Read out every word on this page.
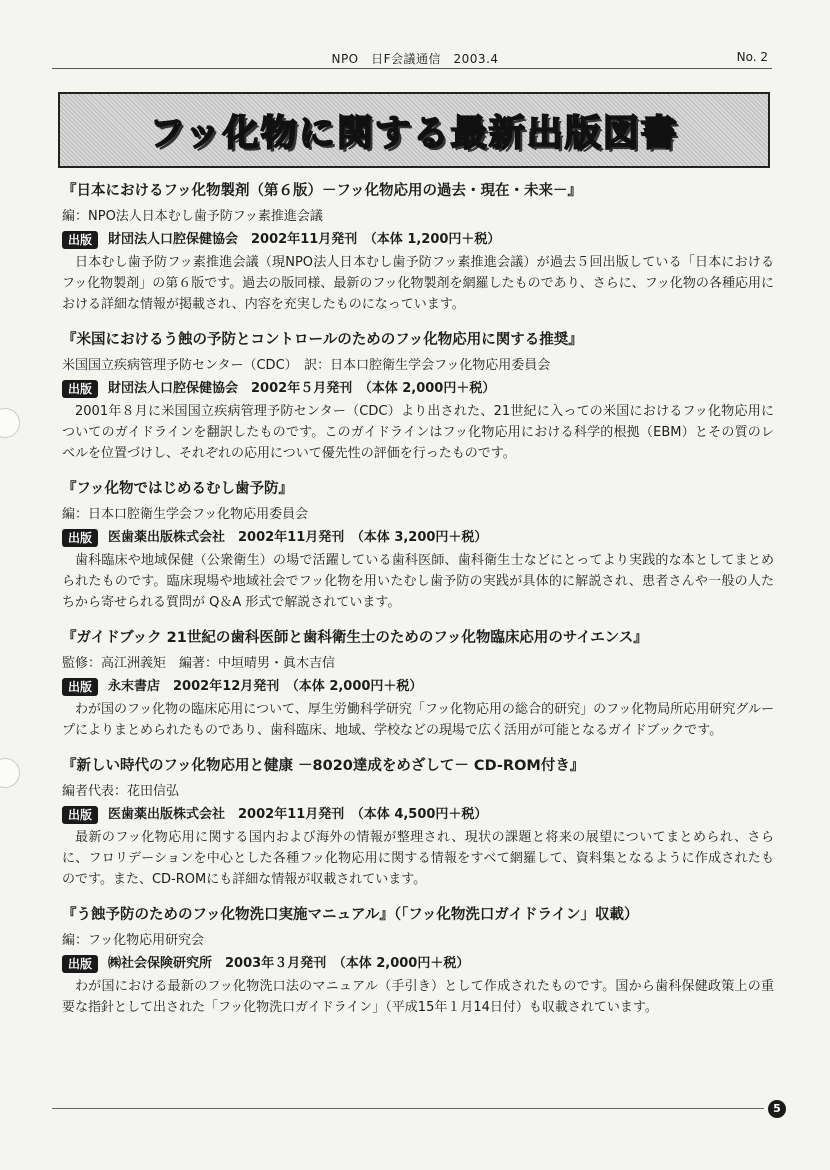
NPO　日F会議通信　2003.4	No. 2
フッ化物に関する最新出版図書

『日本におけるフッ化物製剤（第６版）－フッ化物応用の過去・現在・未来－』

編：NPO法人日本むし歯予防フッ素推進会議

出版	財団法人口腔保健協会　2002年11月発刊　（本体 1,200円＋税）

日本むし歯予防フッ素推進会議（現NPO法人日本むし歯予防フッ素推進会議）が過去５回出版している「日本におけるフッ化物製剤」の第６版です。過去の版同様、最新のフッ化物製剤を網羅したものであり、さらに、フッ化物の各種応用における詳細な情報が掲載され、内容を充実したものになっています。

『米国におけるう蝕の予防とコントロールのためのフッ化物応用に関する推奨』

米国国立疾病管理予防センター（CDC）　訳：日本口腔衛生学会フッ化物応用委員会

出版	財団法人口腔保健協会　2002年５月発刊　（本体 2,000円＋税）

2001年８月に米国国立疾病管理予防センター（CDC）より出された、21世紀に入っての米国におけるフッ化物応用についてのガイドラインを翻訳したものです。このガイドラインはフッ化物応用における科学的根拠（EBM）とその質のレベルを位置づけし、それぞれの応用について優先性の評価を行ったものです。

『フッ化物ではじめるむし歯予防』

編：日本口腔衛生学会フッ化物応用委員会

出版	医歯薬出版株式会社　2002年11月発刊　（本体 3,200円＋税）

歯科臨床や地域保健（公衆衛生）の場で活躍している歯科医師、歯科衛生士などにとってより実践的な本としてまとめられたものです。臨床現場や地域社会でフッ化物を用いたむし歯予防の実践が具体的に解説され、患者さんや一般の人たちから寄せられる質問が Q＆A 形式で解説されています。

『ガイドブック 21世紀の歯科医師と歯科衛生士のためのフッ化物臨床応用のサイエンス』

監修：高江洲義矩　編著：中垣晴男・眞木吉信

出版	永末書店　2002年12月発刊　（本体 2,000円＋税）

わが国のフッ化物の臨床応用について、厚生労働科学研究「フッ化物応用の総合的研究」のフッ化物局所応用研究グループによりまとめられたものであり、歯科臨床、地域、学校などの現場で広く活用が可能となるガイドブックです。

『新しい時代のフッ化物応用と健康 －8020達成をめざして－ CD-ROM付き』

編者代表：花田信弘

出版	医歯薬出版株式会社　2002年11月発刊　（本体 4,500円＋税）

最新のフッ化物応用に関する国内および海外の情報が整理され、現状の課題と将来の展望についてまとめられ、さらに、フロリデーションを中心とした各種フッ化物応用に関する情報をすべて網羅して、資料集となるように作成されたものです。また、CD-ROMにも詳細な情報が収載されています。

『う蝕予防のためのフッ化物洗口実施マニュアル』（「フッ化物洗口ガイドライン」収載）

編：フッ化物応用研究会

出版	㈱社会保険研究所　2003年３月発刊　（本体 2,000円＋税）

わが国における最新のフッ化物洗口法のマニュアル（手引き）として作成されたものです。国から歯科保健政策上の重要な指針として出された「フッ化物洗口ガイドライン」（平成15年１月14日付）も収載されています。

5
